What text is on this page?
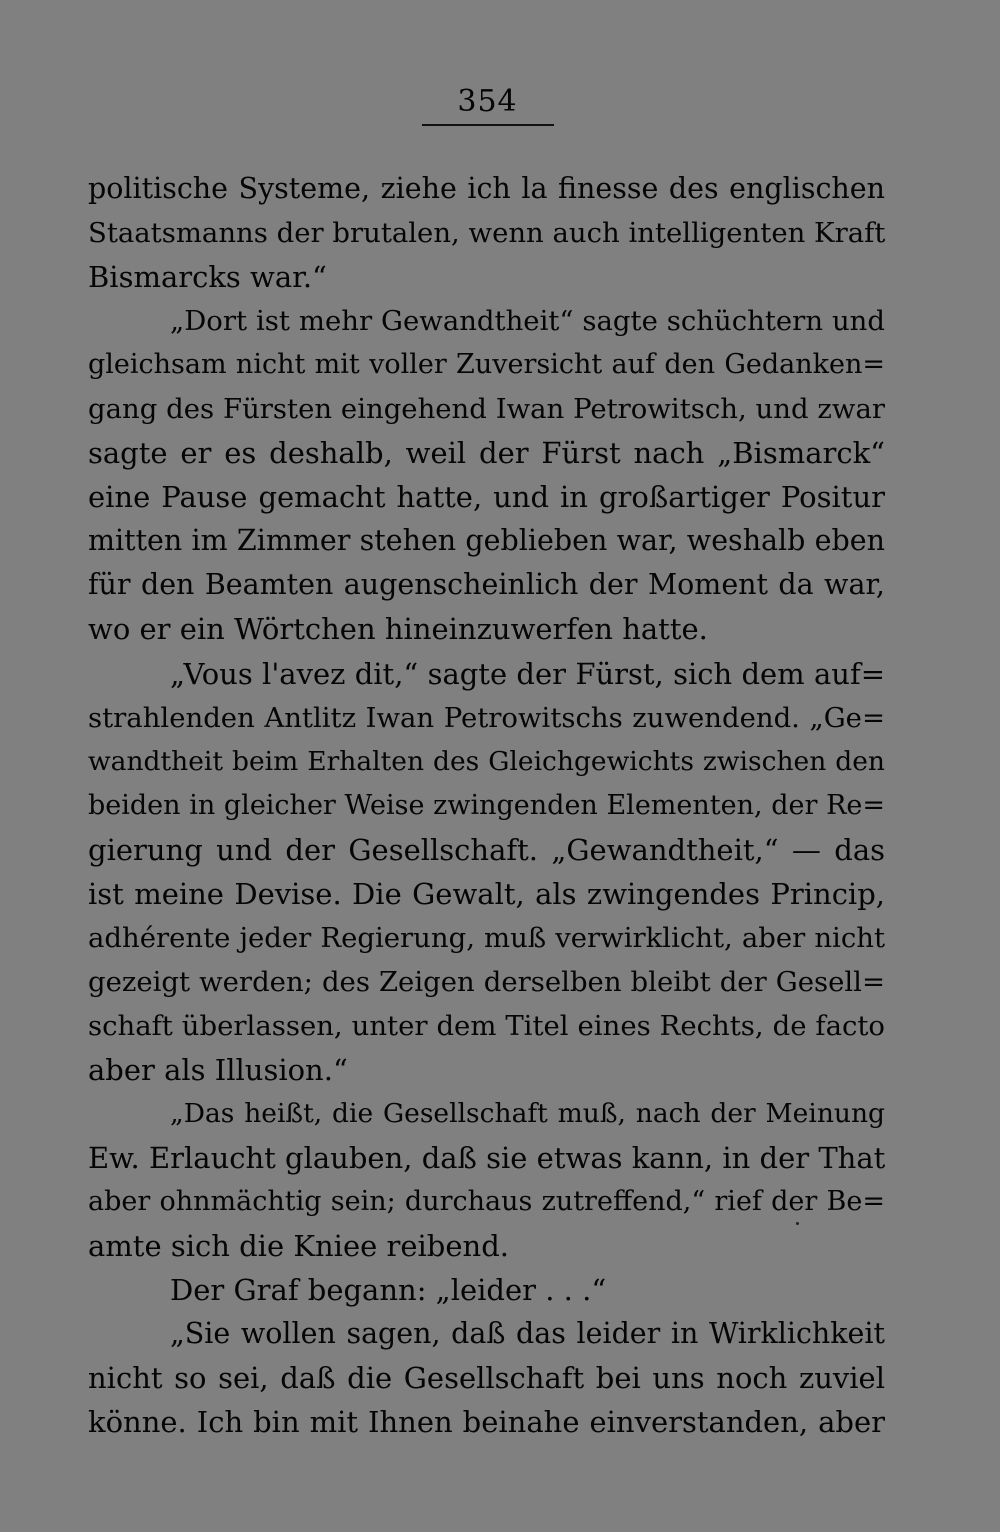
354
politische Systeme, ziehe ich la finesse des englischen
Staatsmanns der brutalen, wenn auch intelligenten Kraft
Bismarcks war.“
„Dort ist mehr Gewandtheit“ sagte schüchtern und
gleichsam nicht mit voller Zuversicht auf den Gedanken=
gang des Fürsten eingehend Iwan Petrowitsch, und zwar
sagte er es deshalb, weil der Fürst nach „Bismarck“
eine Pause gemacht hatte, und in großartiger Positur
mitten im Zimmer stehen geblieben war, weshalb eben
für den Beamten augenscheinlich der Moment da war,
wo er ein Wörtchen hineinzuwerfen hatte.
„Vous l'avez dit,“ sagte der Fürst, sich dem auf=
strahlenden Antlitz Iwan Petrowitschs zuwendend. „Ge=
wandtheit beim Erhalten des Gleichgewichts zwischen den
beiden in gleicher Weise zwingenden Elementen, der Re=
gierung und der Gesellschaft. „Gewandtheit,“ — das
ist meine Devise. Die Gewalt, als zwingendes Princip,
adhérente jeder Regierung, muß verwirklicht, aber nicht
gezeigt werden; des Zeigen derselben bleibt der Gesell=
schaft überlassen, unter dem Titel eines Rechts, de facto
aber als Illusion.“
„Das heißt, die Gesellschaft muß, nach der Meinung
Ew. Erlaucht glauben, daß sie etwas kann, in der That
aber ohnmächtig sein; durchaus zutreffend,“ rief der Be=
amte sich die Kniee reibend.
Der Graf begann: „leider . . .“
„Sie wollen sagen, daß das leider in Wirklichkeit
nicht so sei, daß die Gesellschaft bei uns noch zuviel
könne. Ich bin mit Ihnen beinahe einverstanden, aber
